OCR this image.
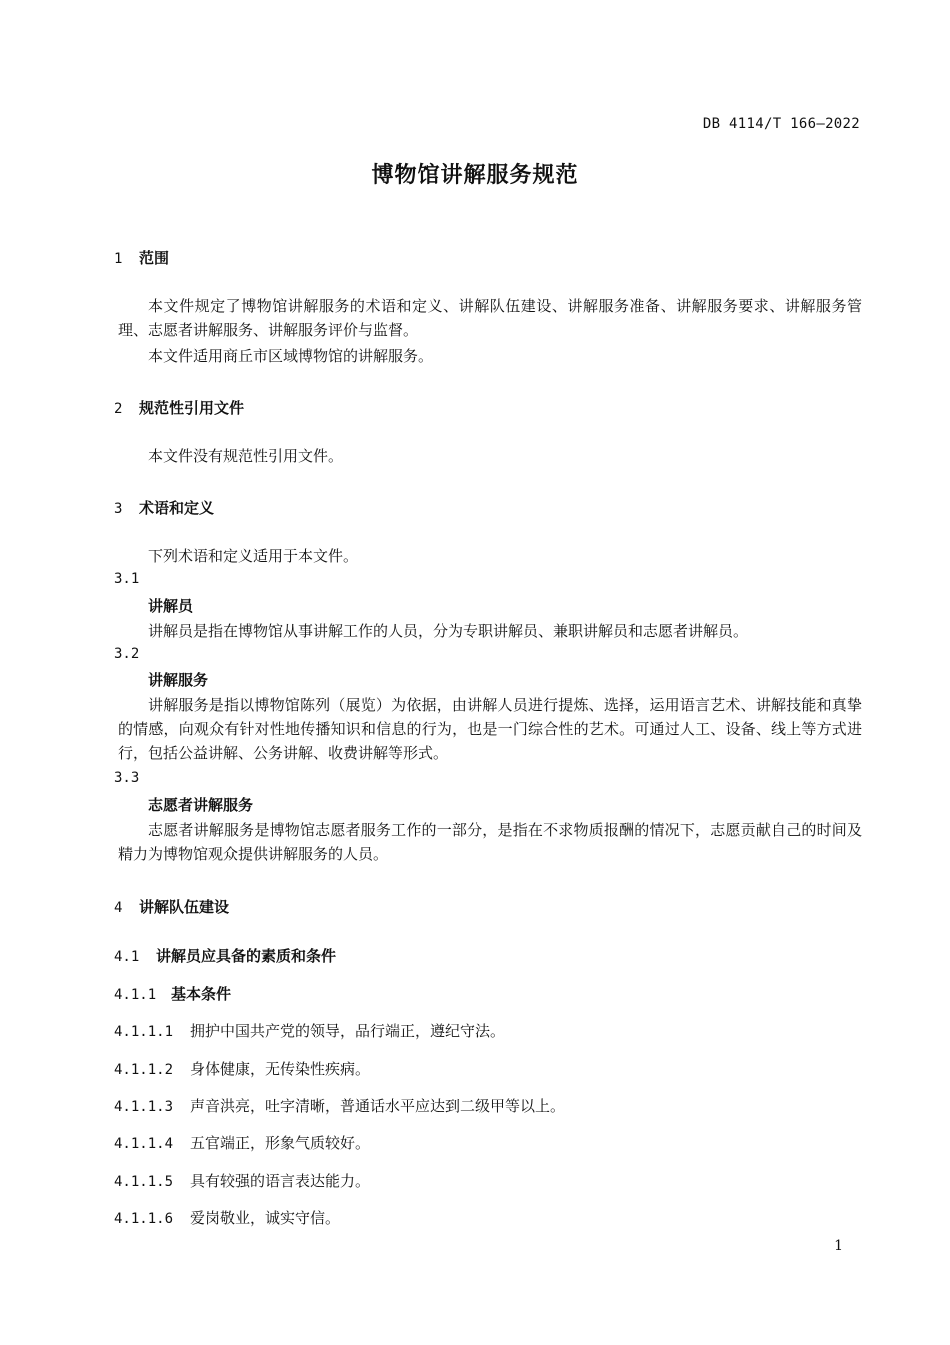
DB 4114/T 166—2022
博物馆讲解服务规范
1 范围
本文件规定了博物馆讲解服务的术语和定义、讲解队伍建设、讲解服务准备、讲解服务要求、讲解服务管理、志愿者讲解服务、讲解服务评价与监督。
本文件适用商丘市区域博物馆的讲解服务。
2 规范性引用文件
本文件没有规范性引用文件。
3 术语和定义
下列术语和定义适用于本文件。
3.1
讲解员
讲解员是指在博物馆从事讲解工作的人员，分为专职讲解员、兼职讲解员和志愿者讲解员。
3.2
讲解服务
讲解服务是指以博物馆陈列（展览）为依据，由讲解人员进行提炼、选择，运用语言艺术、讲解技能和真挚的情感，向观众有针对性地传播知识和信息的行为，也是一门综合性的艺术。可通过人工、设备、线上等方式进行，包括公益讲解、公务讲解、收费讲解等形式。
3.3
志愿者讲解服务
志愿者讲解服务是博物馆志愿者服务工作的一部分，是指在不求物质报酬的情况下，志愿贡献自己的时间及精力为博物馆观众提供讲解服务的人员。
4 讲解队伍建设
4.1 讲解员应具备的素质和条件
4.1.1 基本条件
4.1.1.1 拥护中国共产党的领导，品行端正，遵纪守法。
4.1.1.2 身体健康，无传染性疾病。
4.1.1.3 声音洪亮，吐字清晰，普通话水平应达到二级甲等以上。
4.1.1.4 五官端正，形象气质较好。
4.1.1.5 具有较强的语言表达能力。
4.1.1.6 爱岗敬业，诚实守信。
1
